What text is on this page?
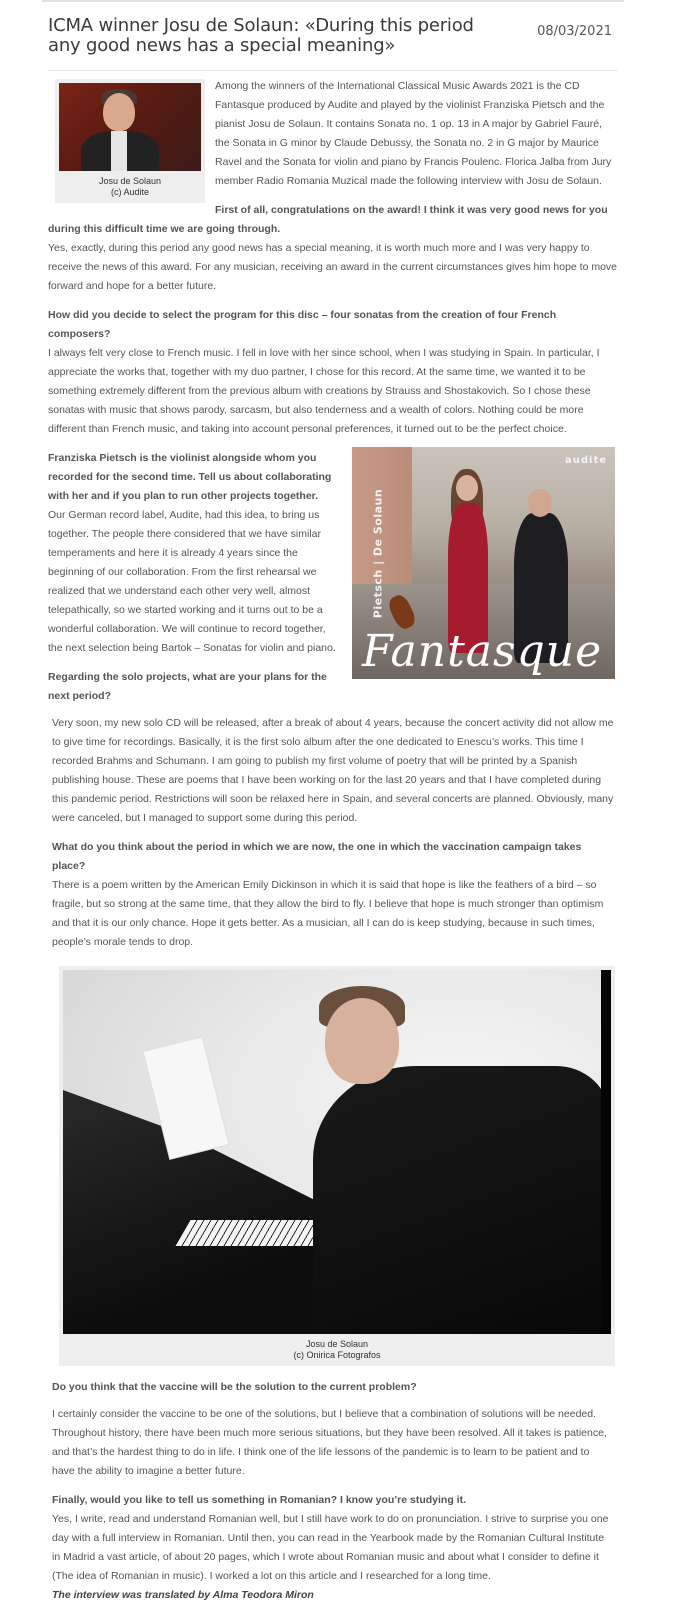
ICMA winner Josu de Solaun: «During this period any good news has a special meaning»
08/03/2021
Josu de Solaun
(c) Audite

Among the winners of the International Classical Music Awards 2021 is the CD Fantasque produced by Audite and played by the violinist Franziska Pietsch and the pianist Josu de Solaun. It contains Sonata no. 1 op. 13 in A major by Gabriel Fauré, the Sonata in G minor by Claude Debussy, the Sonata no. 2 in G major by Maurice Ravel and the Sonata for violin and piano by Francis Poulenc. Florica Jalba from Jury member Radio Romania Muzical made the following interview with Josu de Solaun.

First of all, congratulations on the award! I think it was very good news for you during this difficult time we are going through.

Yes, exactly, during this period any good news has a special meaning, it is worth much more and I was very happy to receive the news of this award. For any musician, receiving an award in the current circumstances gives him hope to move forward and hope for a better future.

How did you decide to select the program for this disc – four sonatas from the creation of four French composers?

I always felt very close to French music. I fell in love with her since school, when I was studying in Spain. In particular, I appreciate the works that, together with my duo partner, I chose for this record. At the same time, we wanted it to be something extremely different from the previous album with creations by Strauss and Shostakovich. So I chose these sonatas with music that shows parody, sarcasm, but also tenderness and a wealth of colors. Nothing could be more different than French music, and taking into account personal preferences, it turned out to be the perfect choice.

Pietsch | De Solaun
audite
Fantasque

Franziska Pietsch is the violinist alongside whom you recorded for the second time. Tell us about collaborating with her and if you plan to run other projects together.

Our German record label, Audite, had this idea, to bring us together. The people there considered that we have similar temperaments and here it is already 4 years since the beginning of our collaboration. From the first rehearsal we realized that we understand each other very well, almost telepathically, so we started working and it turns out to be a wonderful collaboration. We will continue to record together, the next selection being Bartok – Sonatas for violin and piano.

Regarding the solo projects, what are your plans for the next period?

Very soon, my new solo CD will be released, after a break of about 4 years, because the concert activity did not allow me to give time for recordings. Basically, it is the first solo album after the one dedicated to Enescu’s works. This time I recorded Brahms and Schumann. I am going to publish my first volume of poetry that will be printed by a Spanish publishing house. These are poems that I have been working on for the last 20 years and that I have completed during this pandemic period. Restrictions will soon be relaxed here in Spain, and several concerts are planned. Obviously, many were canceled, but I managed to support some during this period.

What do you think about the period in which we are now, the one in which the vaccination campaign takes place?

There is a poem written by the American Emily Dickinson in which it is said that hope is like the feathers of a bird – so fragile, but so strong at the same time, that they allow the bird to fly. I believe that hope is much stronger than optimism and that it is our only chance. Hope it gets better. As a musician, all I can do is keep studying, because in such times, people’s morale tends to drop.

Josu de Solaun
(c) Onirica Fotografos

Do you think that the vaccine will be the solution to the current problem?

I certainly consider the vaccine to be one of the solutions, but I believe that a combination of solutions will be needed. Throughout history, there have been much more serious situations, but they have been resolved. All it takes is patience, and that’s the hardest thing to do in life. I think one of the life lessons of the pandemic is to learn to be patient and to have the ability to imagine a better future.

Finally, would you like to tell us something in Romanian? I know you’re studying it.

Yes, I write, read and understand Romanian well, but I still have work to do on pronunciation. I strive to surprise you one day with a full interview in Romanian. Until then, you can read in the Yearbook made by the Romanian Cultural Institute in Madrid a vast article, of about 20 pages, which I wrote about Romanian music and about what I consider to define it (The idea of Romanian in music). I worked a lot on this article and I researched for a long time.

The interview was translated by Alma Teodora Miron
